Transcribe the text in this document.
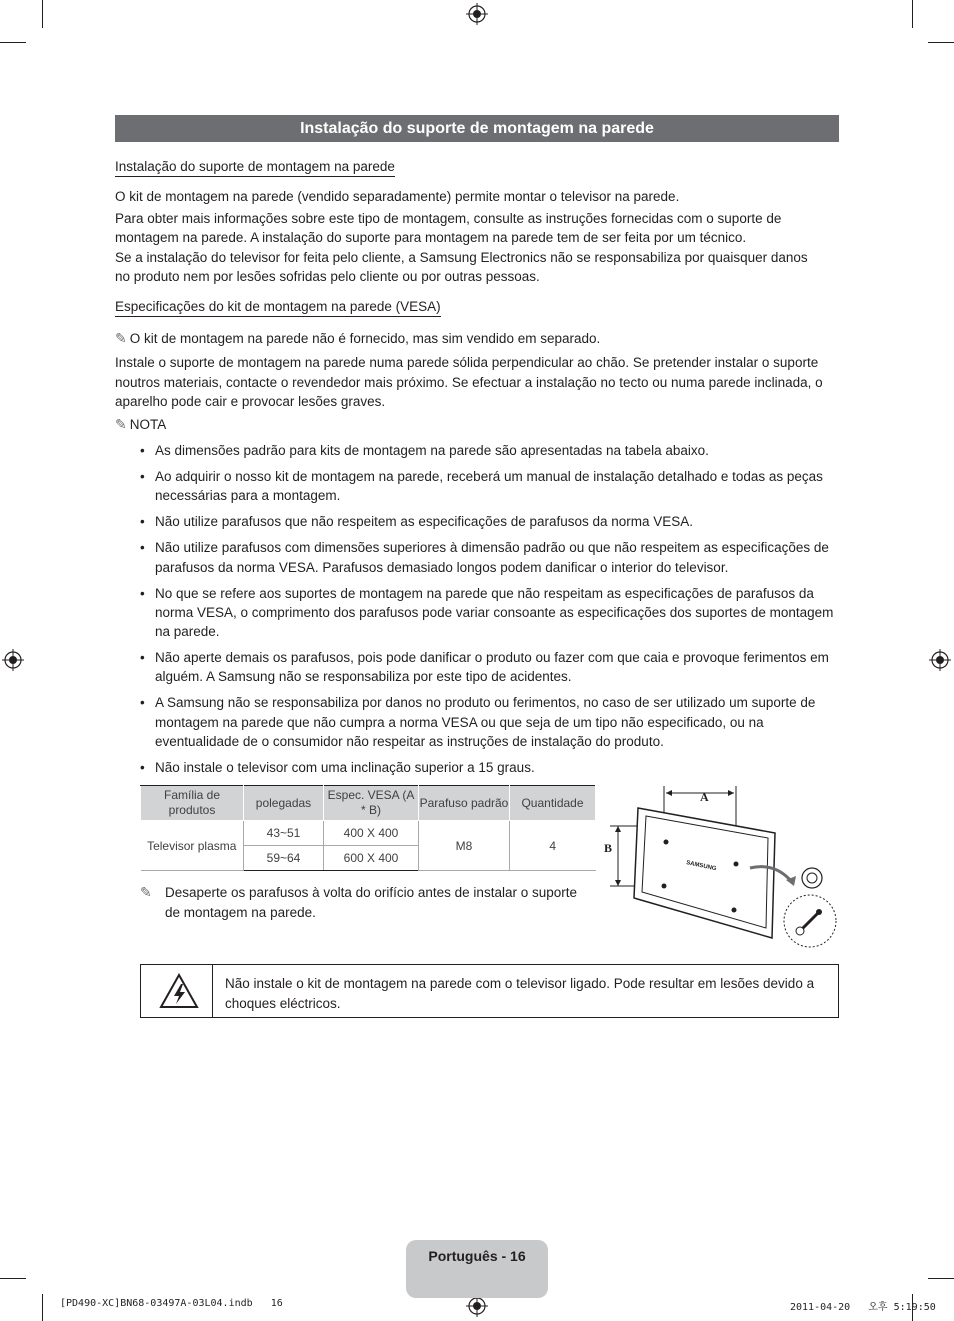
Instalação do suporte de montagem na parede
Instalação do suporte de montagem na parede

O kit de montagem na parede (vendido separadamente) permite montar o televisor na parede.

Para obter mais informações sobre este tipo de montagem, consulte as instruções fornecidas com o suporte de montagem na parede. A instalação do suporte para montagem na parede tem de ser feita por um técnico.

Se a instalação do televisor for feita pelo cliente, a Samsung Electronics não se responsabiliza por quaisquer danos no produto nem por lesões sofridas pelo cliente ou por outras pessoas.

Especificações do kit de montagem na parede (VESA)
✎ O kit de montagem na parede não é fornecido, mas sim vendido em separado.
Instale o suporte de montagem na parede numa parede sólida perpendicular ao chão. Se pretender instalar o suporte noutros materiais, contacte o revendedor mais próximo. Se efectuar a instalação no tecto ou numa parede inclinada, o aparelho pode cair e provocar lesões graves.
✎ NOTA
• As dimensões padrão para kits de montagem na parede são apresentadas na tabela abaixo.
• Ao adquirir o nosso kit de montagem na parede, receberá um manual de instalação detalhado e todas as peças necessárias para a montagem.
• Não utilize parafusos que não respeitem as especificações de parafusos da norma VESA.
• Não utilize parafusos com dimensões superiores à dimensão padrão ou que não respeitem as especificações de parafusos da norma VESA. Parafusos demasiado longos podem danificar o interior do televisor.
• No que se refere aos suportes de montagem na parede que não respeitam as especificações de parafusos da norma VESA, o comprimento dos parafusos pode variar consoante as especificações dos suportes de montagem na parede.
• Não aperte demais os parafusos, pois pode danificar o produto ou fazer com que caia e provoque ferimentos em alguém. A Samsung não se responsabiliza por este tipo de acidentes.
• A Samsung não se responsabiliza por danos no produto ou ferimentos, no caso de ser utilizado um suporte de montagem na parede que não cumpra a norma VESA ou que seja de um tipo não especificado, ou na eventualidade de o consumidor não respeitar as instruções de instalação do produto.
• Não instale o televisor com uma inclinação superior a 15 graus.
Família de produtos	polegadas	Espec. VESA (A * B)	Parafuso padrão	Quantidade
Televisor plasma	43~51	400 X 400	M8	4
	59~64	600 X 400		
✎ Desaperte os parafusos à volta do orifício antes de instalar o suporte de montagem na parede.
A
B
SAMSUNG
Não instale o kit de montagem na parede com o televisor ligado. Pode resultar em lesões devido a choques eléctricos.
Português - 16
[PD490-XC]BN68-03497A-03L04.indb   16	2011-04-20   오후 5:19:50
